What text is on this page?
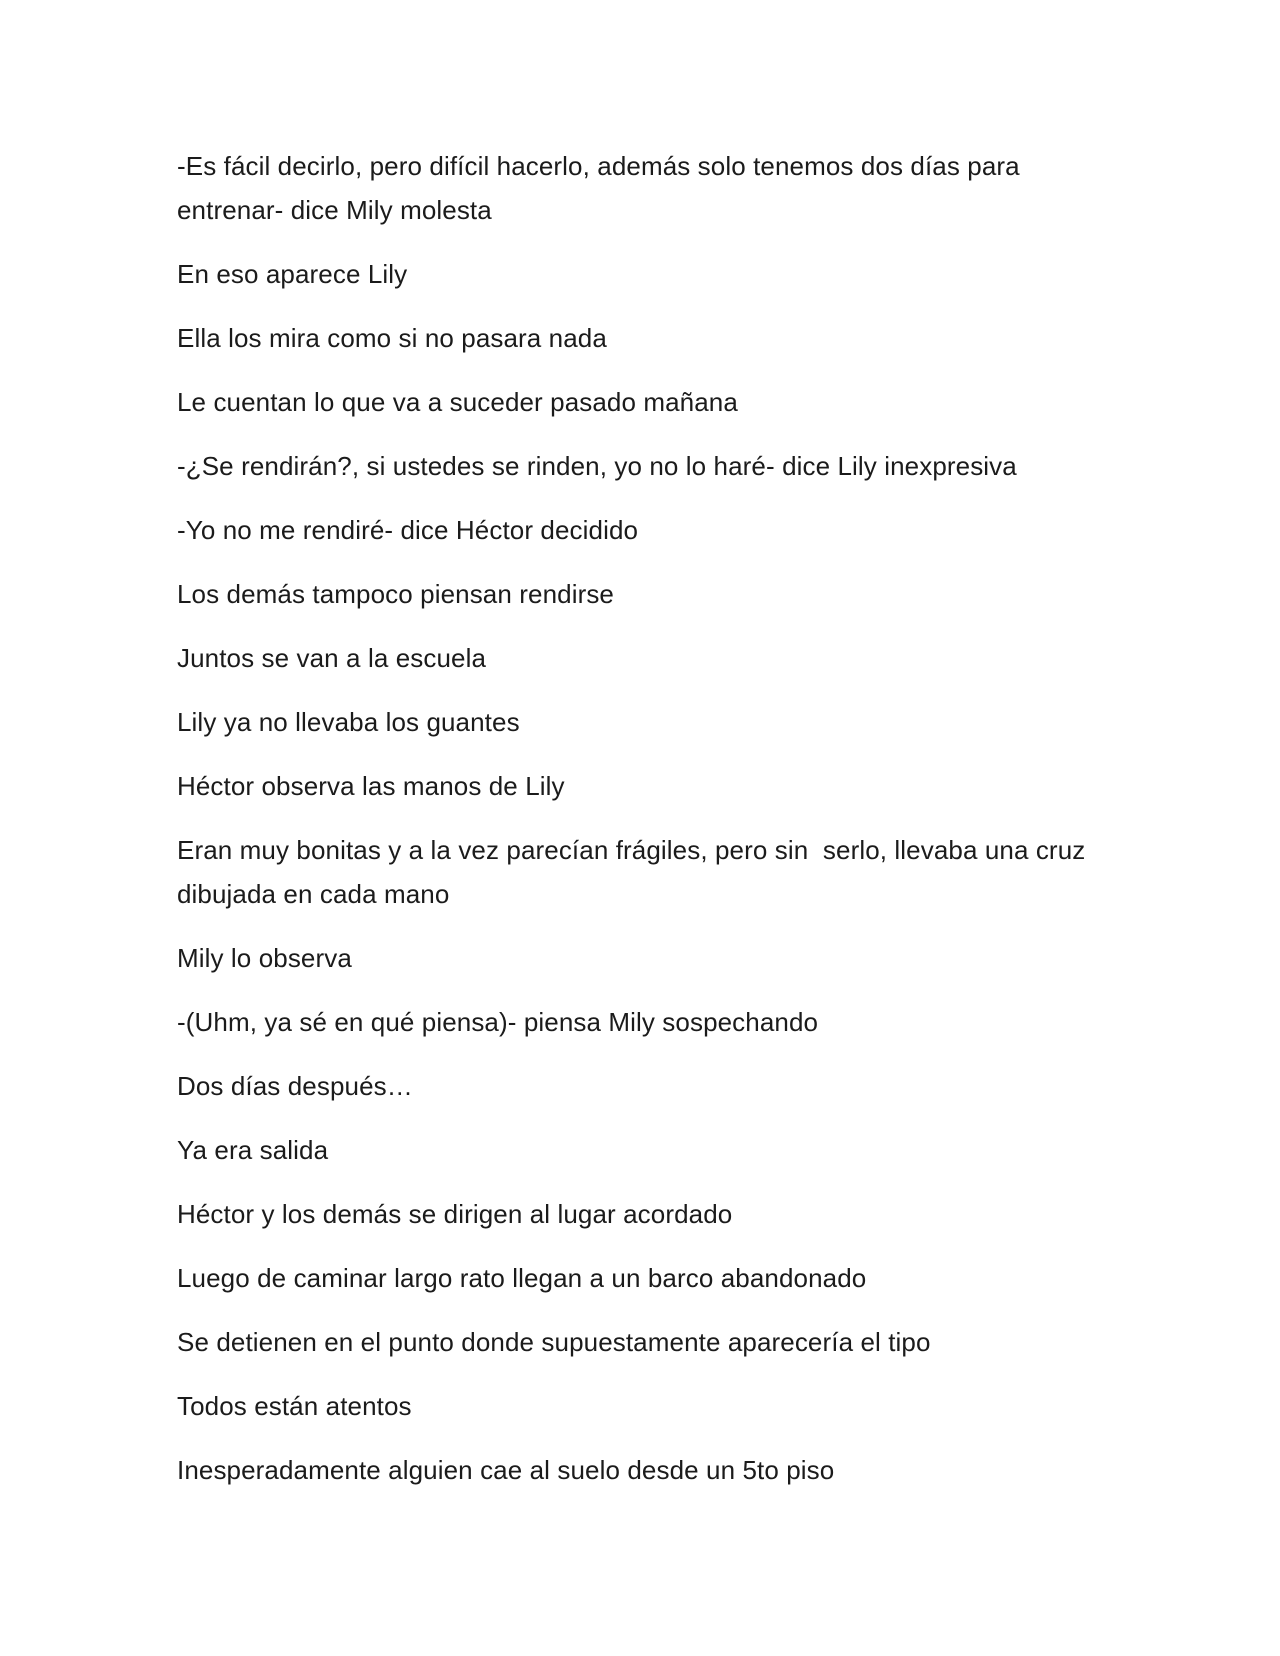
-Es fácil decirlo, pero difícil hacerlo, además solo tenemos dos días para entrenar- dice Mily molesta

En eso aparece Lily

Ella los mira como si no pasara nada

Le cuentan lo que va a suceder pasado mañana

-¿Se rendirán?, si ustedes se rinden, yo no lo haré- dice Lily inexpresiva

-Yo no me rendiré- dice Héctor decidido

Los demás tampoco piensan rendirse

Juntos se van a la escuela

Lily ya no llevaba los guantes

Héctor observa las manos de Lily

Eran muy bonitas y a la vez parecían frágiles, pero sin  serlo, llevaba una cruz dibujada en cada mano

Mily lo observa

-(Uhm, ya sé en qué piensa)- piensa Mily sospechando

Dos días después…

Ya era salida

Héctor y los demás se dirigen al lugar acordado

Luego de caminar largo rato llegan a un barco abandonado

Se detienen en el punto donde supuestamente aparecería el tipo

Todos están atentos

Inesperadamente alguien cae al suelo desde un 5to piso
